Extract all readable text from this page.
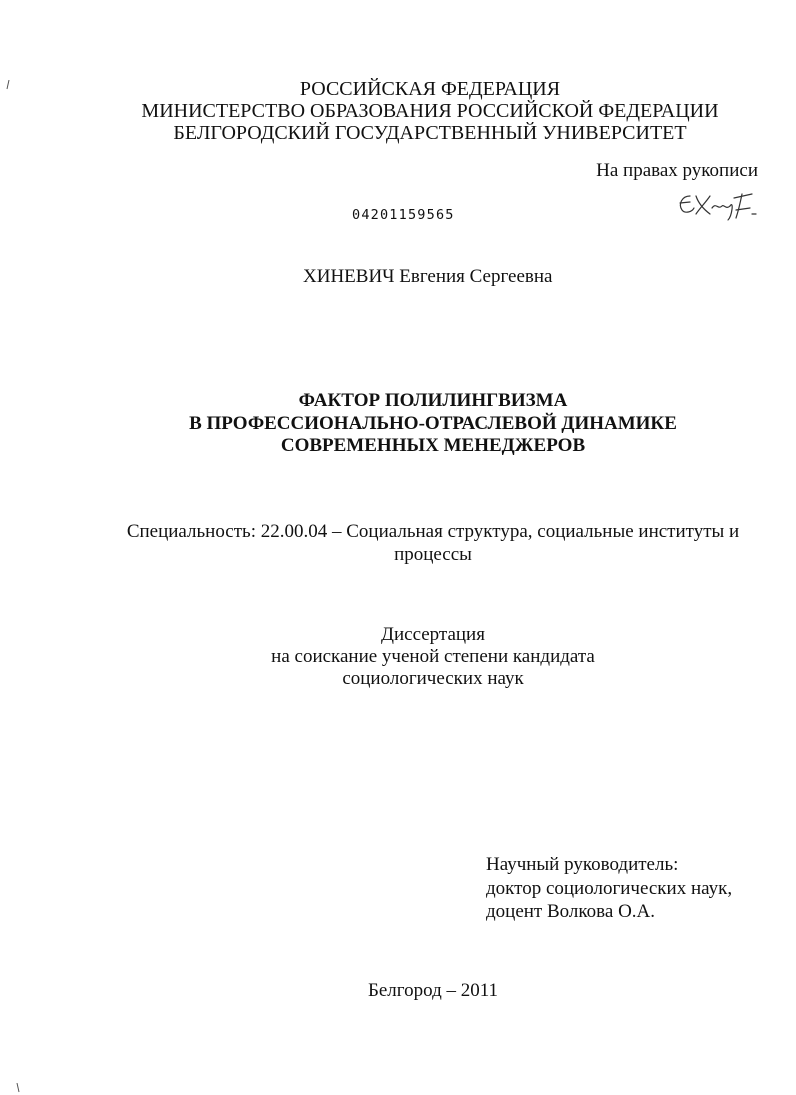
РОССИЙСКАЯ ФЕДЕРАЦИЯ
МИНИСТЕРСТВО ОБРАЗОВАНИЯ РОССИЙСКОЙ ФЕДЕРАЦИИ
БЕЛГОРОДСКИЙ ГОСУДАРСТВЕННЫЙ УНИВЕРСИТЕТ
На правах рукописи
04201159565
ХИНЕВИЧ Евгения Сергеевна
ФАКТОР ПОЛИЛИНГВИЗМА
В ПРОФЕССИОНАЛЬНО-ОТРАСЛЕВОЙ ДИНАМИКЕ
СОВРЕМЕННЫХ МЕНЕДЖЕРОВ
Специальность: 22.00.04 – Социальная структура, социальные институты и
процессы
Диссертация
на соискание ученой степени кандидата
социологических наук
Научный руководитель:
доктор социологических наук,
доцент Волкова О.А.
Белгород – 2011
